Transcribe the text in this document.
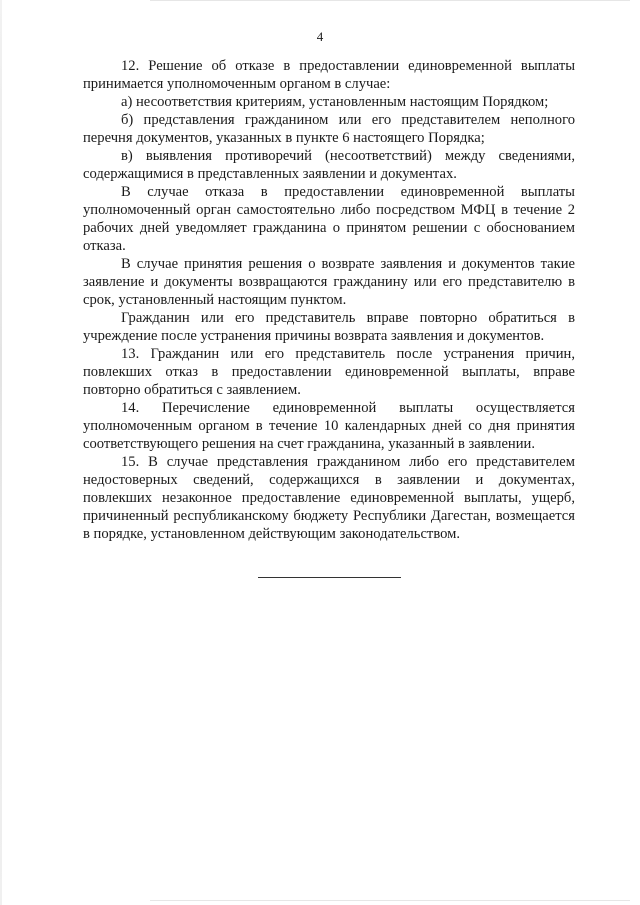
4

12. Решение об отказе в предоставлении единовременной выплаты принимается уполномоченным органом в случае:

а) несоответствия критериям, установленным настоящим Порядком;

б) представления гражданином или его представителем неполного перечня документов, указанных в пункте 6 настоящего Порядка;

в) выявления противоречий (несоответствий) между сведениями, содержащимися в представленных заявлении и документах.

В случае отказа в предоставлении единовременной выплаты уполномоченный орган самостоятельно либо посредством МФЦ в течение 2 рабочих дней уведомляет гражданина о принятом решении с обоснованием отказа.

В случае принятия решения о возврате заявления и документов такие заявление и документы возвращаются гражданину или его представителю в срок, установленный настоящим пунктом.

Гражданин или его представитель вправе повторно обратиться в учреждение после устранения причины возврата заявления и документов.

13. Гражданин или его представитель после устранения причин, повлекших отказ в предоставлении единовременной выплаты, вправе повторно обратиться с заявлением.

14. Перечисление единовременной выплаты осуществляется уполномоченным органом в течение 10 календарных дней со дня принятия соответствующего решения на счет гражданина, указанный в заявлении.

15. В случае представления гражданином либо его представителем недостоверных сведений, содержащихся в заявлении и документах, повлекших незаконное предоставление единовременной выплаты, ущерб, причиненный республиканскому бюджету Республики Дагестан, возмещается в порядке, установленном действующим законодательством.
